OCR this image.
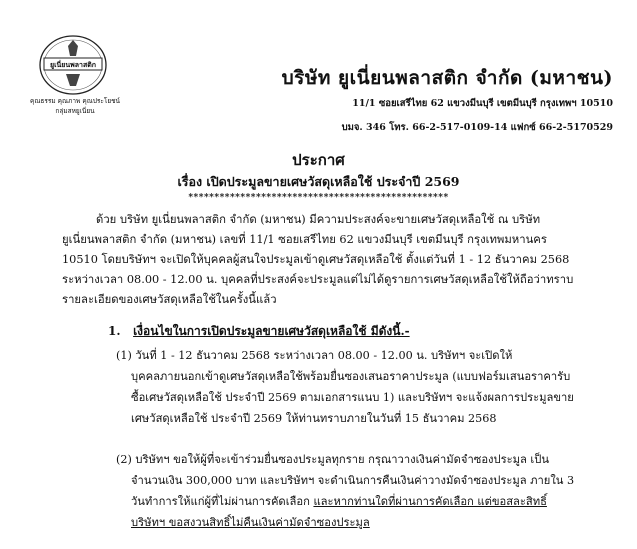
ยูเนี่ยนพลาสติก
คุณธรรม คุณภาพ คุณประโยชน์
กลุ่มสหยูเนี่ยน
บริษัท ยูเนี่ยนพลาสติก จำกัด (มหาชน)
11/1 ซอยเสรีไทย 62 แขวงมีนบุรี เขตมีนบุรี กรุงเทพฯ 10510
บมจ. 346 โทร. 66-2-517-0109-14 แฟกซ์ 66-2-5170529
ประกาศ
เรื่อง เปิดประมูลขายเศษวัสดุเหลือใช้ ประจำปี 2569
**************************************************
ด้วย บริษัท ยูเนี่ยนพลาสติก จำกัด (มหาชน) มีความประสงค์จะขายเศษวัสดุเหลือใช้ ณ บริษัท
ยูเนี่ยนพลาสติก จำกัด (มหาชน) เลขที่ 11/1 ซอยเสรีไทย 62 แขวงมีนบุรี เขตมีนบุรี กรุงเทพมหานคร
10510 โดยบริษัทฯ จะเปิดให้บุคคลผู้สนใจประมูลเข้าดูเศษวัสดุเหลือใช้ ตั้งแต่วันที่ 1 - 12 ธันวาคม 2568
ระหว่างเวลา 08.00 - 12.00 น. บุคคลที่ประสงค์จะประมูลแต่ไม่ได้ดูรายการเศษวัสดุเหลือใช้ให้ถือว่าทราบ
รายละเอียดของเศษวัสดุเหลือใช้ในครั้งนี้แล้ว
1. เงื่อนไขในการเปิดประมูลขายเศษวัสดุเหลือใช้ มีดังนี้.-
(1) วันที่ 1 - 12 ธันวาคม 2568 ระหว่างเวลา 08.00 - 12.00 น. บริษัทฯ จะเปิดให้
บุคคลภายนอกเข้าดูเศษวัสดุเหลือใช้พร้อมยื่นซองเสนอราคาประมูล (แบบฟอร์มเสนอราคารับ
ซื้อเศษวัสดุเหลือใช้ ประจำปี 2569 ตามเอกสารแนบ 1) และบริษัทฯ จะแจ้งผลการประมูลขาย
เศษวัสดุเหลือใช้ ประจำปี 2569 ให้ท่านทราบภายในวันที่ 15 ธันวาคม 2568
(2) บริษัทฯ ขอให้ผู้ที่จะเข้าร่วมยื่นซองประมูลทุกราย กรุณาวางเงินค่ามัดจำซองประมูล เป็น
จำนวนเงิน 300,000 บาท และบริษัทฯ จะดำเนินการคืนเงินค่าวางมัดจำซองประมูล ภายใน 3
วันทำการให้แก่ผู้ที่ไม่ผ่านการคัดเลือก และหากท่านใดที่ผ่านการคัดเลือก แต่ขอสละสิทธิ์
บริษัทฯ ขอสงวนสิทธิ์ไม่คืนเงินค่ามัดจำซองประมูล
